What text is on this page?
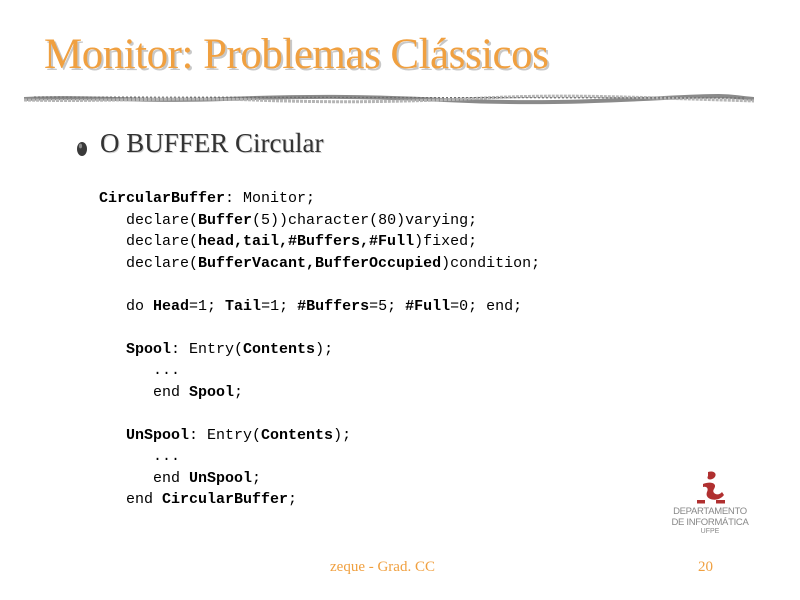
Monitor: Problemas Clássicos
O BUFFER Circular
CircularBuffer: Monitor;
declare(Buffer(5))character(80)varying;
declare(head,tail,#Buffers,#Full)fixed;
declare(BufferVacant,BufferOccupied)condition;
do Head=1; Tail=1; #Buffers=5; #Full=0; end;
Spool: Entry(Contents);
...
end Spool;
UnSpool: Entry(Contents);
...
end UnSpool;
end CircularBuffer;
DEPARTAMENTO
DE INFORMÁTICA
UFPE
zeque - Grad. CC	20
